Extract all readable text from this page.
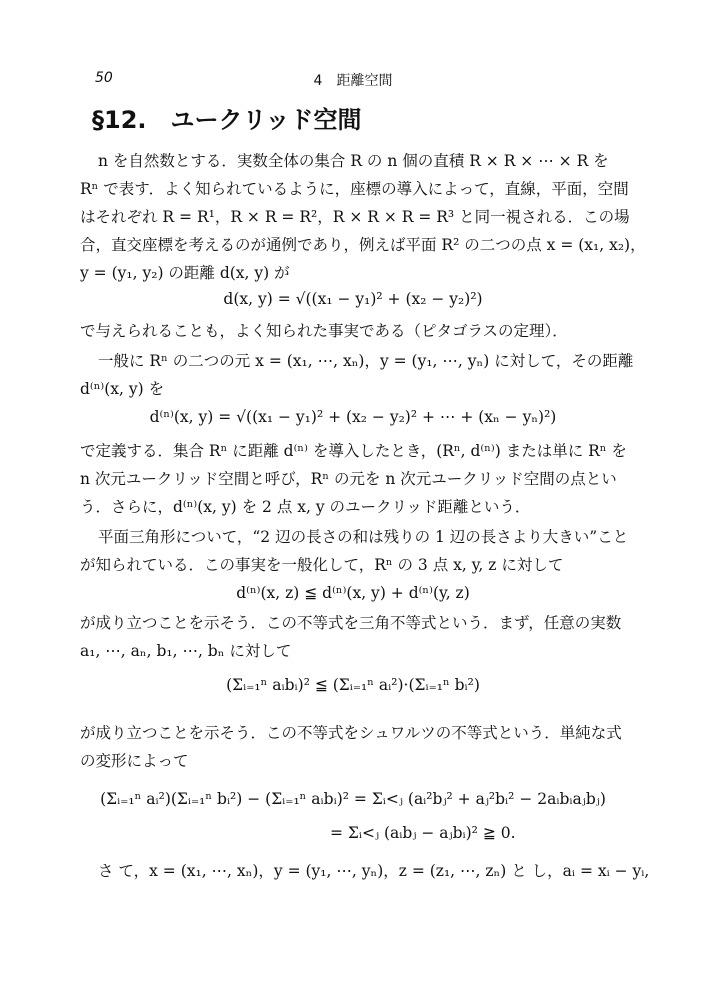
50	4　距離空間
§12.　ユークリッド空間
n を自然数とする．実数全体の集合 R の n 個の直積 R × R × ⋯ × R を
Rⁿ で表す．よく知られているように，座標の導入によって，直線，平面，空間
はそれぞれ R = R¹，R × R = R²，R × R × R = R³ と同一視される．この場
合，直交座標を考えるのが通例であり，例えば平面 R² の二つの点 x = (x₁, x₂)，
y = (y₁, y₂) の距離 d(x, y) が
d(x, y) = √((x₁ − y₁)² + (x₂ − y₂)²)
で与えられることも，よく知られた事実である（ピタゴラスの定理）．
一般に Rⁿ の二つの元 x = (x₁, ⋯, xₙ)，y = (y₁, ⋯, yₙ) に対して，その距離
d⁽ⁿ⁾(x, y) を
d⁽ⁿ⁾(x, y) = √((x₁ − y₁)² + (x₂ − y₂)² + ⋯ + (xₙ − yₙ)²)
で定義する．集合 Rⁿ に距離 d⁽ⁿ⁾ を導入したとき，(Rⁿ, d⁽ⁿ⁾) または単に Rⁿ を
n 次元ユークリッド空間と呼び，Rⁿ の元を n 次元ユークリッド空間の点とい
う．さらに，d⁽ⁿ⁾(x, y) を 2 点 x, y のユークリッド距離という．
平面三角形について，“2 辺の長さの和は残りの 1 辺の長さより大きい”こと
が知られている．この事実を一般化して，Rⁿ の 3 点 x, y, z に対して
d⁽ⁿ⁾(x, z) ≦ d⁽ⁿ⁾(x, y) + d⁽ⁿ⁾(y, z)
が成り立つことを示そう．この不等式を三角不等式という．まず，任意の実数
a₁, ⋯, aₙ, b₁, ⋯, bₙ に対して
(Σᵢ₌₁ⁿ aᵢbᵢ)² ≦ (Σᵢ₌₁ⁿ aᵢ²)·(Σᵢ₌₁ⁿ bᵢ²)
が成り立つことを示そう．この不等式をシュワルツの不等式という．単純な式
の変形によって
(Σᵢ₌₁ⁿ aᵢ²)(Σᵢ₌₁ⁿ bᵢ²) − (Σᵢ₌₁ⁿ aᵢbᵢ)² = Σᵢ<ⱼ (aᵢ²bⱼ² + aⱼ²bᵢ² − 2aᵢbᵢaⱼbⱼ)
= Σᵢ<ⱼ (aᵢbⱼ − aⱼbᵢ)² ≧ 0.
さ て，x = (x₁, ⋯, xₙ)，y = (y₁, ⋯, yₙ)，z = (z₁, ⋯, zₙ) と し，aᵢ = xᵢ − yᵢ,
